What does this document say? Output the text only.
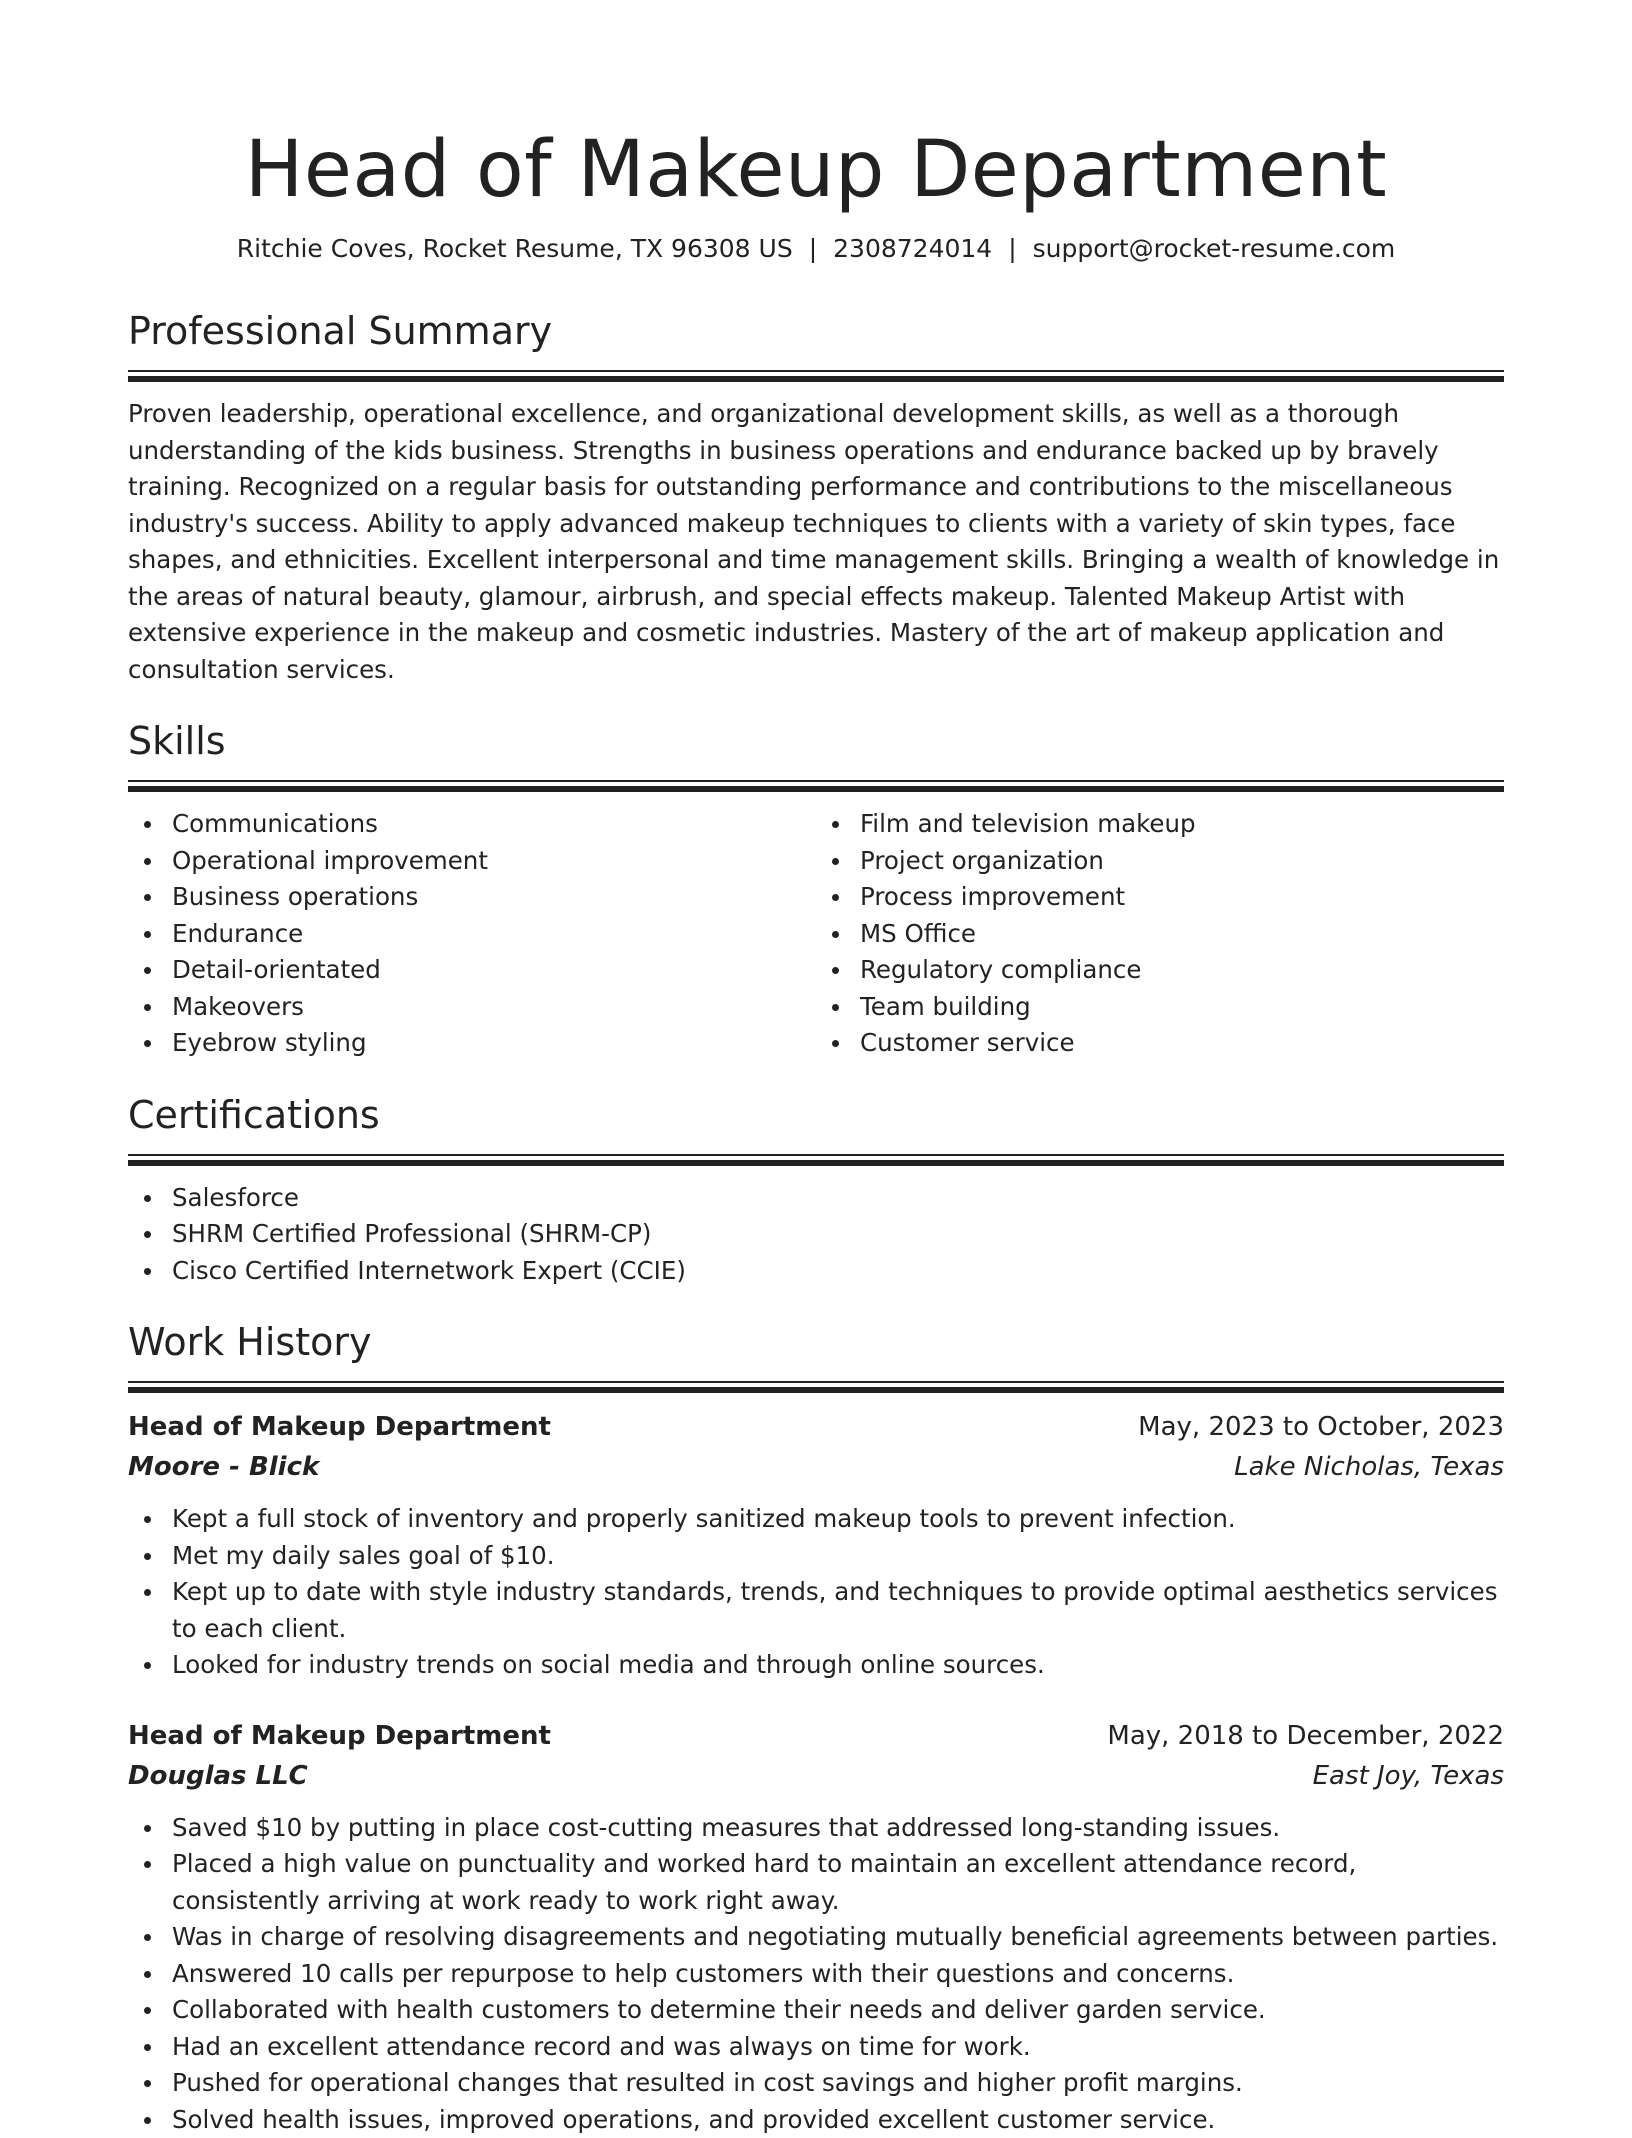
Head of Makeup Department
Ritchie Coves, Rocket Resume, TX 96308 US | 2308724014 | support@rocket-resume.com
Professional Summary

Proven leadership, operational excellence, and organizational development skills, as well as a thorough understanding of the kids business. Strengths in business operations and endurance backed up by bravely training. Recognized on a regular basis for outstanding performance and contributions to the miscellaneous industry's success. Ability to apply advanced makeup techniques to clients with a variety of skin types, face shapes, and ethnicities. Excellent interpersonal and time management skills. Bringing a wealth of knowledge in the areas of natural beauty, glamour, airbrush, and special effects makeup. Talented Makeup Artist with extensive experience in the makeup and cosmetic industries. Mastery of the art of makeup application and consultation services.

Skills
Communications
Operational improvement
Business operations
Endurance
Detail-orientated
Makeovers
Eyebrow styling
Film and television makeup
Project organization
Process improvement
MS Office
Regulatory compliance
Team building
Customer service
Certifications
Salesforce
SHRM Certified Professional (SHRM-CP)
Cisco Certified Internetwork Expert (CCIE)
Work History
Head of Makeup Department	May, 2023 to October, 2023
Moore - Blick	Lake Nicholas, Texas
Kept a full stock of inventory and properly sanitized makeup tools to prevent infection.
Met my daily sales goal of $10.
Kept up to date with style industry standards, trends, and techniques to provide optimal aesthetics services to each client.
Looked for industry trends on social media and through online sources.
Head of Makeup Department	May, 2018 to December, 2022
Douglas LLC	East Joy, Texas
Saved $10 by putting in place cost-cutting measures that addressed long-standing issues.
Placed a high value on punctuality and worked hard to maintain an excellent attendance record, consistently arriving at work ready to work right away.
Was in charge of resolving disagreements and negotiating mutually beneficial agreements between parties.
Answered 10 calls per repurpose to help customers with their questions and concerns.
Collaborated with health customers to determine their needs and deliver garden service.
Had an excellent attendance record and was always on time for work.
Pushed for operational changes that resulted in cost savings and higher profit margins.
Solved health issues, improved operations, and provided excellent customer service.
